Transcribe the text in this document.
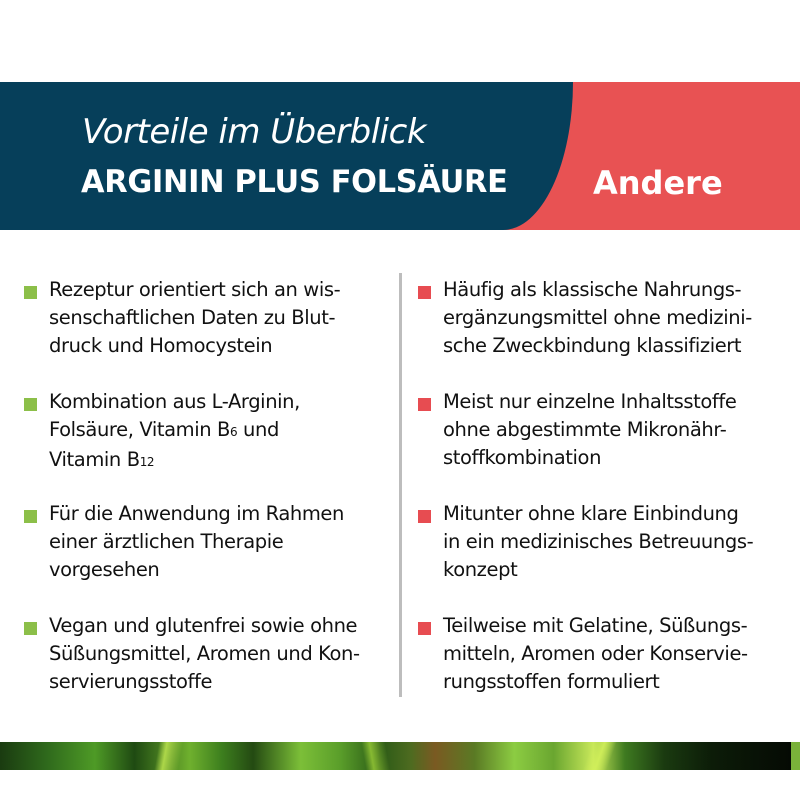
Vorteile im Überblick
ARGININ PLUS FOLSÄURE	Andere
Rezeptur orientiert sich an wis-
senschaftlichen Daten zu Blut-
druck und Homocystein
Kombination aus L-Arginin,
Folsäure, Vitamin B6 und
Vitamin B12
Für die Anwendung im Rahmen
einer ärztlichen Therapie
vorgesehen
Vegan und glutenfrei sowie ohne
Süßungsmittel, Aromen und Kon-
servierungsstoffe
Häufig als klassische Nahrungs-
ergänzungsmittel ohne medizini-
sche Zweckbindung klassifiziert
Meist nur einzelne Inhaltsstoffe
ohne abgestimmte Mikronähr-
stoffkombination
Mitunter ohne klare Einbindung
in ein medizinisches Betreuungs-
konzept
Teilweise mit Gelatine, Süßungs-
mitteln, Aromen oder Konservie-
rungsstoffen formuliert
